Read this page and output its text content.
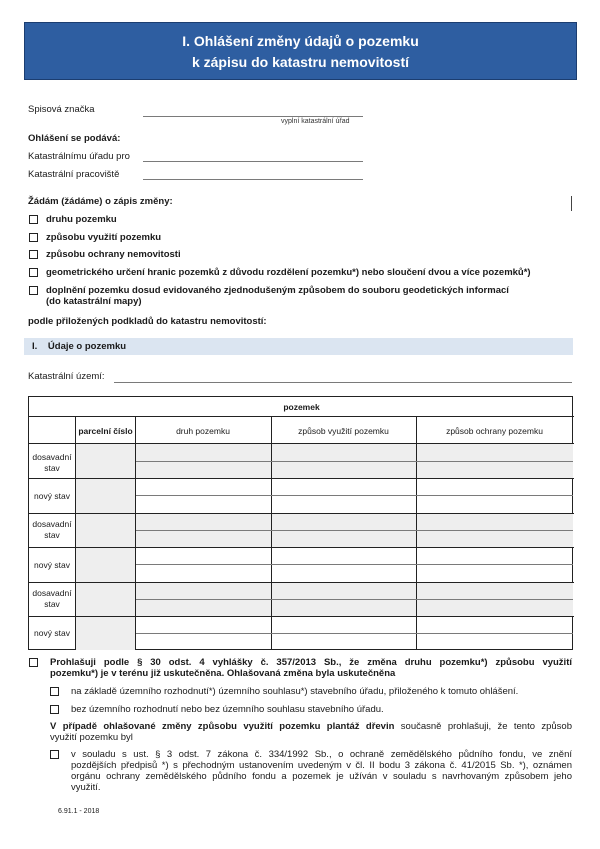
I. Ohlášení změny údajů o pozemku
k zápisu do katastru nemovitostí
Spisová značka
vyplní katastrální úřad
Ohlášení se podává:
Katastrálnímu úřadu pro
Katastrální pracoviště
Žádám (žádáme) o zápis změny:
druhu pozemku
způsobu využití pozemku
způsobu ochrany nemovitosti
geometrického určení hranic pozemků z důvodu rozdělení pozemku*) nebo sloučení dvou a více pozemků*)
doplnění pozemku dosud evidovaného zjednodušeným způsobem do souboru geodetických informací
(do katastrální mapy)
podle přiložených podkladů do katastru nemovitostí:
I. Údaje o pozemku
Katastrální území:
pozemek
parcelní číslo	druh pozemku	způsob využití pozemku	způsob ochrany pozemku
dosavadní
stav
nový stav
dosavadní
stav
nový stav
dosavadní
stav
nový stav
Prohlašuji podle § 30 odst. 4 vyhlášky č. 357/2013 Sb., že změna druhu pozemku*) způsobu využití
pozemku*) je v terénu již uskutečněna. Ohlašovaná změna byla uskutečněna
na základě územního rozhodnutí*) územního souhlasu*) stavebního úřadu, přiloženého k tomuto ohlášení.
bez územního rozhodnutí nebo bez územního souhlasu stavebního úřadu.
V případě ohlašované změny způsobu využití pozemku plantáž dřevin současně prohlašuji, že tento způsob
využití pozemku byl
v souladu s ust. § 3 odst. 7 zákona č. 334/1992 Sb., o ochraně zemědělského půdního fondu, ve znění
pozdějších předpisů *) s přechodným ustanovením uvedeným v čl. II bodu 3 zákona č. 41/2015 Sb. *), oznámen
orgánu ochrany zemědělského půdního fondu a pozemek je užíván v souladu s navrhovaným způsobem jeho
využití.
6.91.1 - 2018
